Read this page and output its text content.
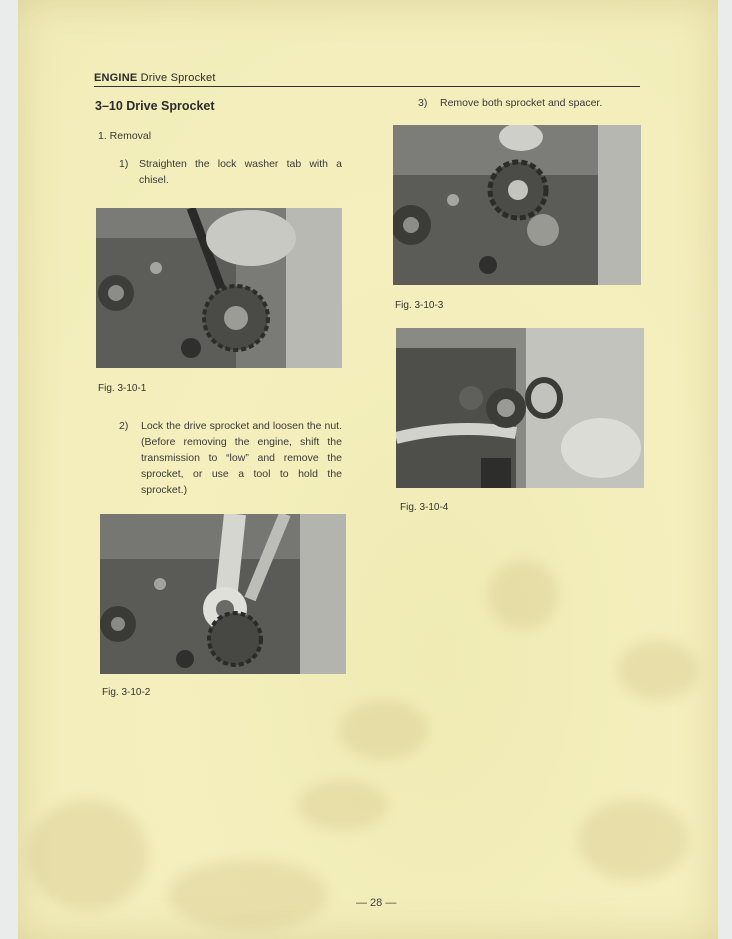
ENGINE Drive Sprocket
3–10 Drive Sprocket
1. Removal
1)	Straighten the lock washer tab with a chisel.
Fig. 3-10-1
2)	Lock the drive sprocket and loosen the nut. (Before removing the engine, shift the transmission to “low” and remove the sprocket, or use a tool to hold the sprocket.)
Fig. 3-10-2
3)	Remove both sprocket and spacer.
Fig. 3-10-3
Fig. 3-10-4
— 28 —
